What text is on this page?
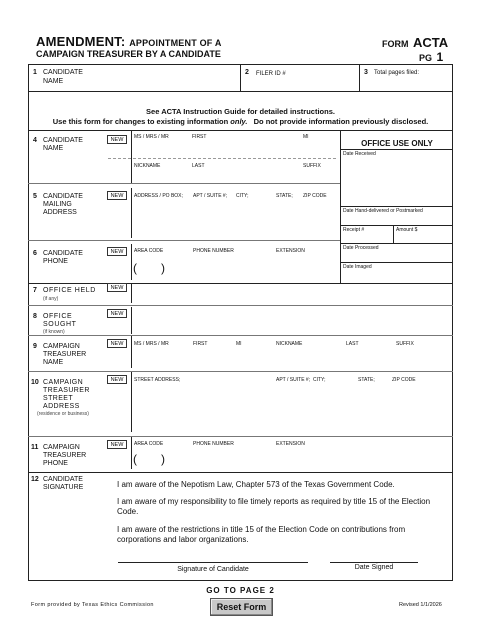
AMENDMENT: APPOINTMENT OF A
CAMPAIGN TREASURER BY A CANDIDATE
FORM ACTA
PG 1
1 CANDIDATE
NAME
2 FILER ID #	3 Total pages filed:
See ACTA Instruction Guide for detailed instructions.
Use this form for changes to existing information only. Do not provide information previously disclosed.
OFFICE USE ONLY
Date Received
Date Hand-delivered or Postmarked
Receipt #	Amount $
Date Processed
Date Imaged
4 CANDIDATE
NAME
NEW	MS / MRS / MR	FIRST	MI
NICKNAME	LAST	SUFFIX
5 CANDIDATE
MAILING
ADDRESS
NEW	ADDRESS / PO BOX; APT / SUITE #; CITY;	STATE; ZIP CODE
6 CANDIDATE
PHONE
NEW	AREA CODE	PHONE NUMBER	EXTENSION
( )
7 OFFICE HELD
(if any)
NEW
8 OFFICE
SOUGHT
(if known)
NEW
9 CAMPAIGN
TREASURER
NAME
NEW	MS / MRS / MR	FIRST	MI	NICKNAME	LAST	SUFFIX
10 CAMPAIGN
TREASURER
STREET
ADDRESS
(residence or business)
NEW	STREET ADDRESS;	APT / SUITE #; CITY;	STATE;	ZIP CODE
11 CAMPAIGN
TREASURER
PHONE
NEW	AREA CODE	PHONE NUMBER	EXTENSION
( )
12 CANDIDATE
SIGNATURE	I am aware of the Nepotism Law, Chapter 573 of the Texas Government Code.
I am aware of my responsibility to file timely reports as required by title 15 of the Election Code.
I am aware of the restrictions in title 15 of the Election Code on contributions from corporations and labor organizations.
Signature of Candidate	Date Signed
GO TO PAGE 2
Reset Form
Form provided by Texas Ethics Commission	Revised 1/1/2026
